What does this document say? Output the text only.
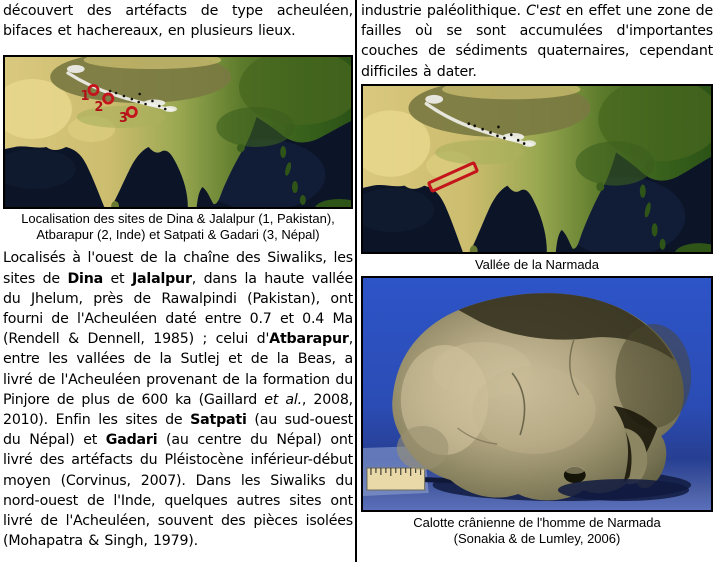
découvert des artéfacts de type acheuléen, bifaces et hachereaux, en plusieurs lieux.

1
2
3
Localisation des sites de Dina & Jalalpur (1, Pakistan),
Atbarapur (2, Inde) et Satpati & Gadari (3, Népal)

Localisés à l'ouest de la chaîne des Siwaliks, les sites de Dina et Jalalpur, dans la haute vallée du Jhelum, près de Rawalpindi (Pakistan), ont fourni de l'Acheuléen daté entre 0.7 et 0.4 Ma (Rendell & Dennell, 1985) ; celui d'Atbarapur, entre les vallées de la Sutlej et de la Beas, a livré de l'Acheuléen provenant de la formation du Pinjore de plus de 600 ka (Gaillard et al., 2008, 2010). Enfin les sites de Satpati (au sud-ouest du Népal) et Gadari (au centre du Népal) ont livré des artéfacts du Pléistocène inférieur-début moyen (Corvinus, 2007). Dans les Siwaliks du nord-ouest de l'Inde, quelques autres sites ont livré de l'Acheuléen, souvent des pièces isolées (Mohapatra & Singh, 1979).

industrie paléolithique. C'est en effet une zone de failles où se sont accumulées d'importantes couches de sédiments quaternaires, cependant difficiles à dater.

Vallée de la Narmada
Calotte crânienne de l'homme de Narmada
(Sonakia & de Lumley, 2006)
